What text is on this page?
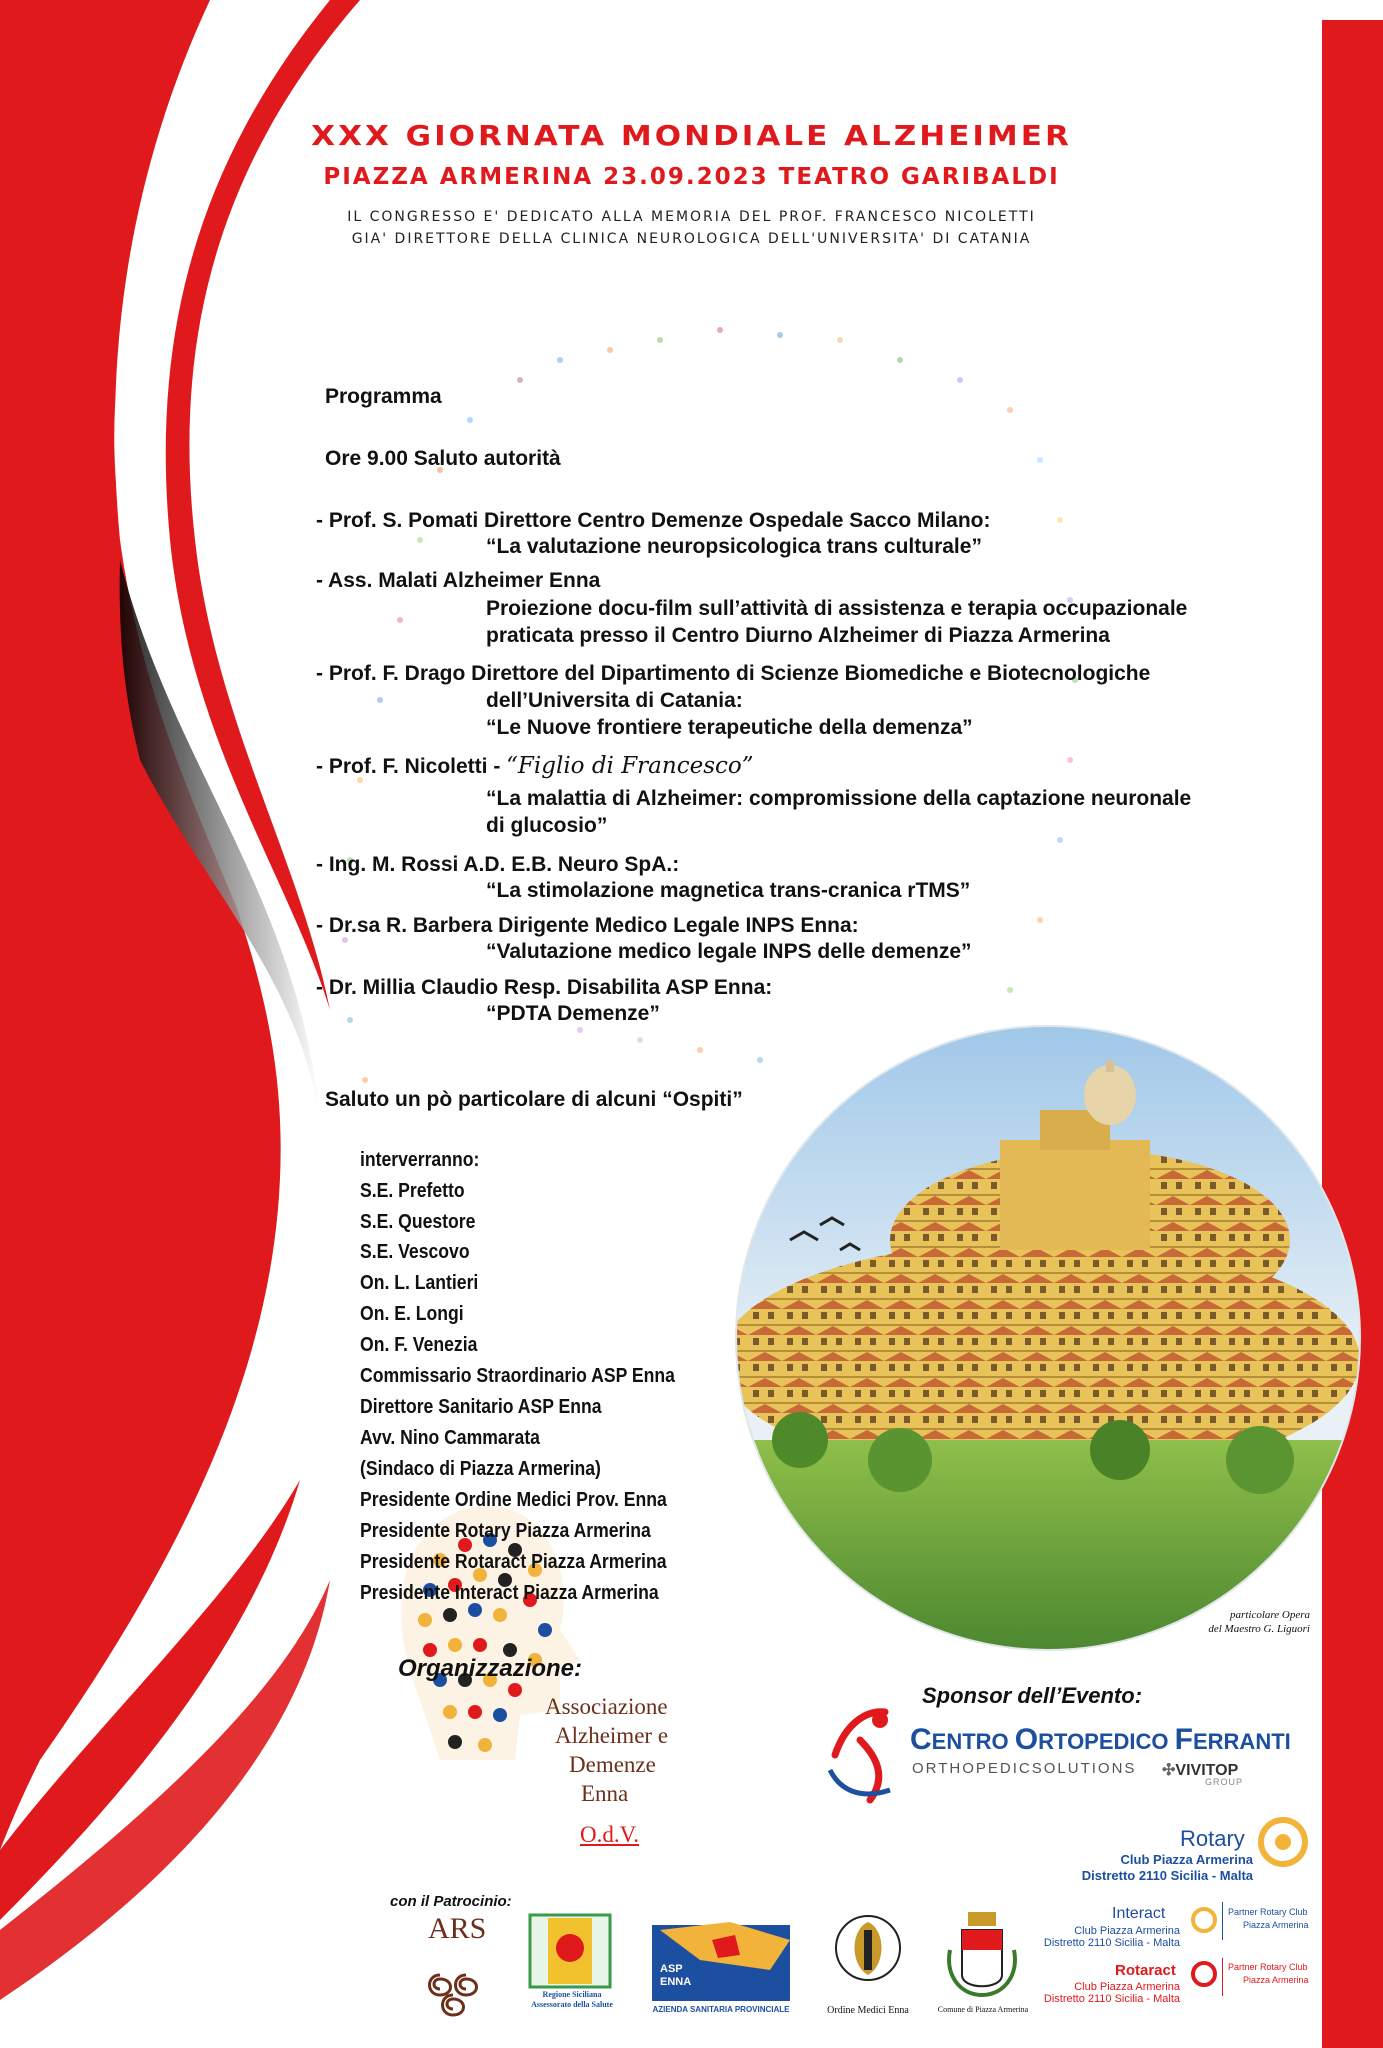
XXX GIORNATA MONDIALE ALZHEIMER
PIAZZA ARMERINA 23.09.2023 TEATRO GARIBALDI
IL CONGRESSO E' DEDICATO ALLA MEMORIA DEL PROF. FRANCESCO NICOLETTI
GIA' DIRETTORE DELLA CLINICA NEUROLOGICA DELL'UNIVERSITA' DI CATANIA
Programma
Ore 9.00 Saluto autorità
- Prof. S. Pomati Direttore Centro Demenze Ospedale Sacco Milano:
“La valutazione neuropsicologica trans culturale”
- Ass. Malati Alzheimer Enna
Proiezione docu-film sull’attività di assistenza e terapia occupazionale
praticata presso il Centro Diurno Alzheimer di Piazza Armerina
- Prof. F. Drago Direttore del Dipartimento di Scienze Biomediche e Biotecnologiche
dell’Universita di Catania:
“Le Nuove frontiere terapeutiche della demenza”
- Prof. F. Nicoletti - “Figlio di Francesco”
“La malattia di Alzheimer: compromissione della captazione neuronale
di glucosio”
- Ing. M. Rossi A.D. E.B. Neuro SpA.:
“La stimolazione magnetica trans-cranica rTMS”
- Dr.sa R. Barbera Dirigente Medico Legale INPS Enna:
“Valutazione medico legale INPS delle demenze”
- Dr. Millia Claudio Resp. Disabilita ASP Enna:
“PDTA Demenze”
Saluto un pò particolare di alcuni “Ospiti”
interverranno:
S.E. Prefetto
S.E. Questore
S.E. Vescovo
On. L. Lantieri
On. E. Longi
On. F. Venezia
Commissario Straordinario ASP Enna
Direttore Sanitario ASP Enna
Avv. Nino Cammarata
(Sindaco di Piazza Armerina)
Presidente Ordine Medici Prov. Enna
Presidente Rotary Piazza Armerina
Presidente Rotaract Piazza Armerina
Presidente Interact Piazza Armerina
particolare Opera
del Maestro G. Liguori
Organizzazione:
Associazione
Alzheimer e
Demenze
Enna
O.d.V.
Sponsor dell’Evento:
CENTRO ORTOPEDICO FERRANTI
ORTHOPEDICSOLUTIONS ✣VIVITOP
GROUP
Rotary
Club Piazza Armerina
Distretto 2110 Sicilia - Malta
Interact
Club Piazza Armerina
Distretto 2110 Sicilia - Malta
Partner Rotary Club
Piazza Armerina
Rotaract
Club Piazza Armerina
Distretto 2110 Sicilia - Malta
Partner Rotary Club
Piazza Armerina
con il Patrocinio:
ARS
Regione Siciliana
Assessorato della Salute
ASP
ENNA
AZIENDA SANITARIA PROVINCIALE	Ordine Medici Enna	Comune di Piazza Armerina
